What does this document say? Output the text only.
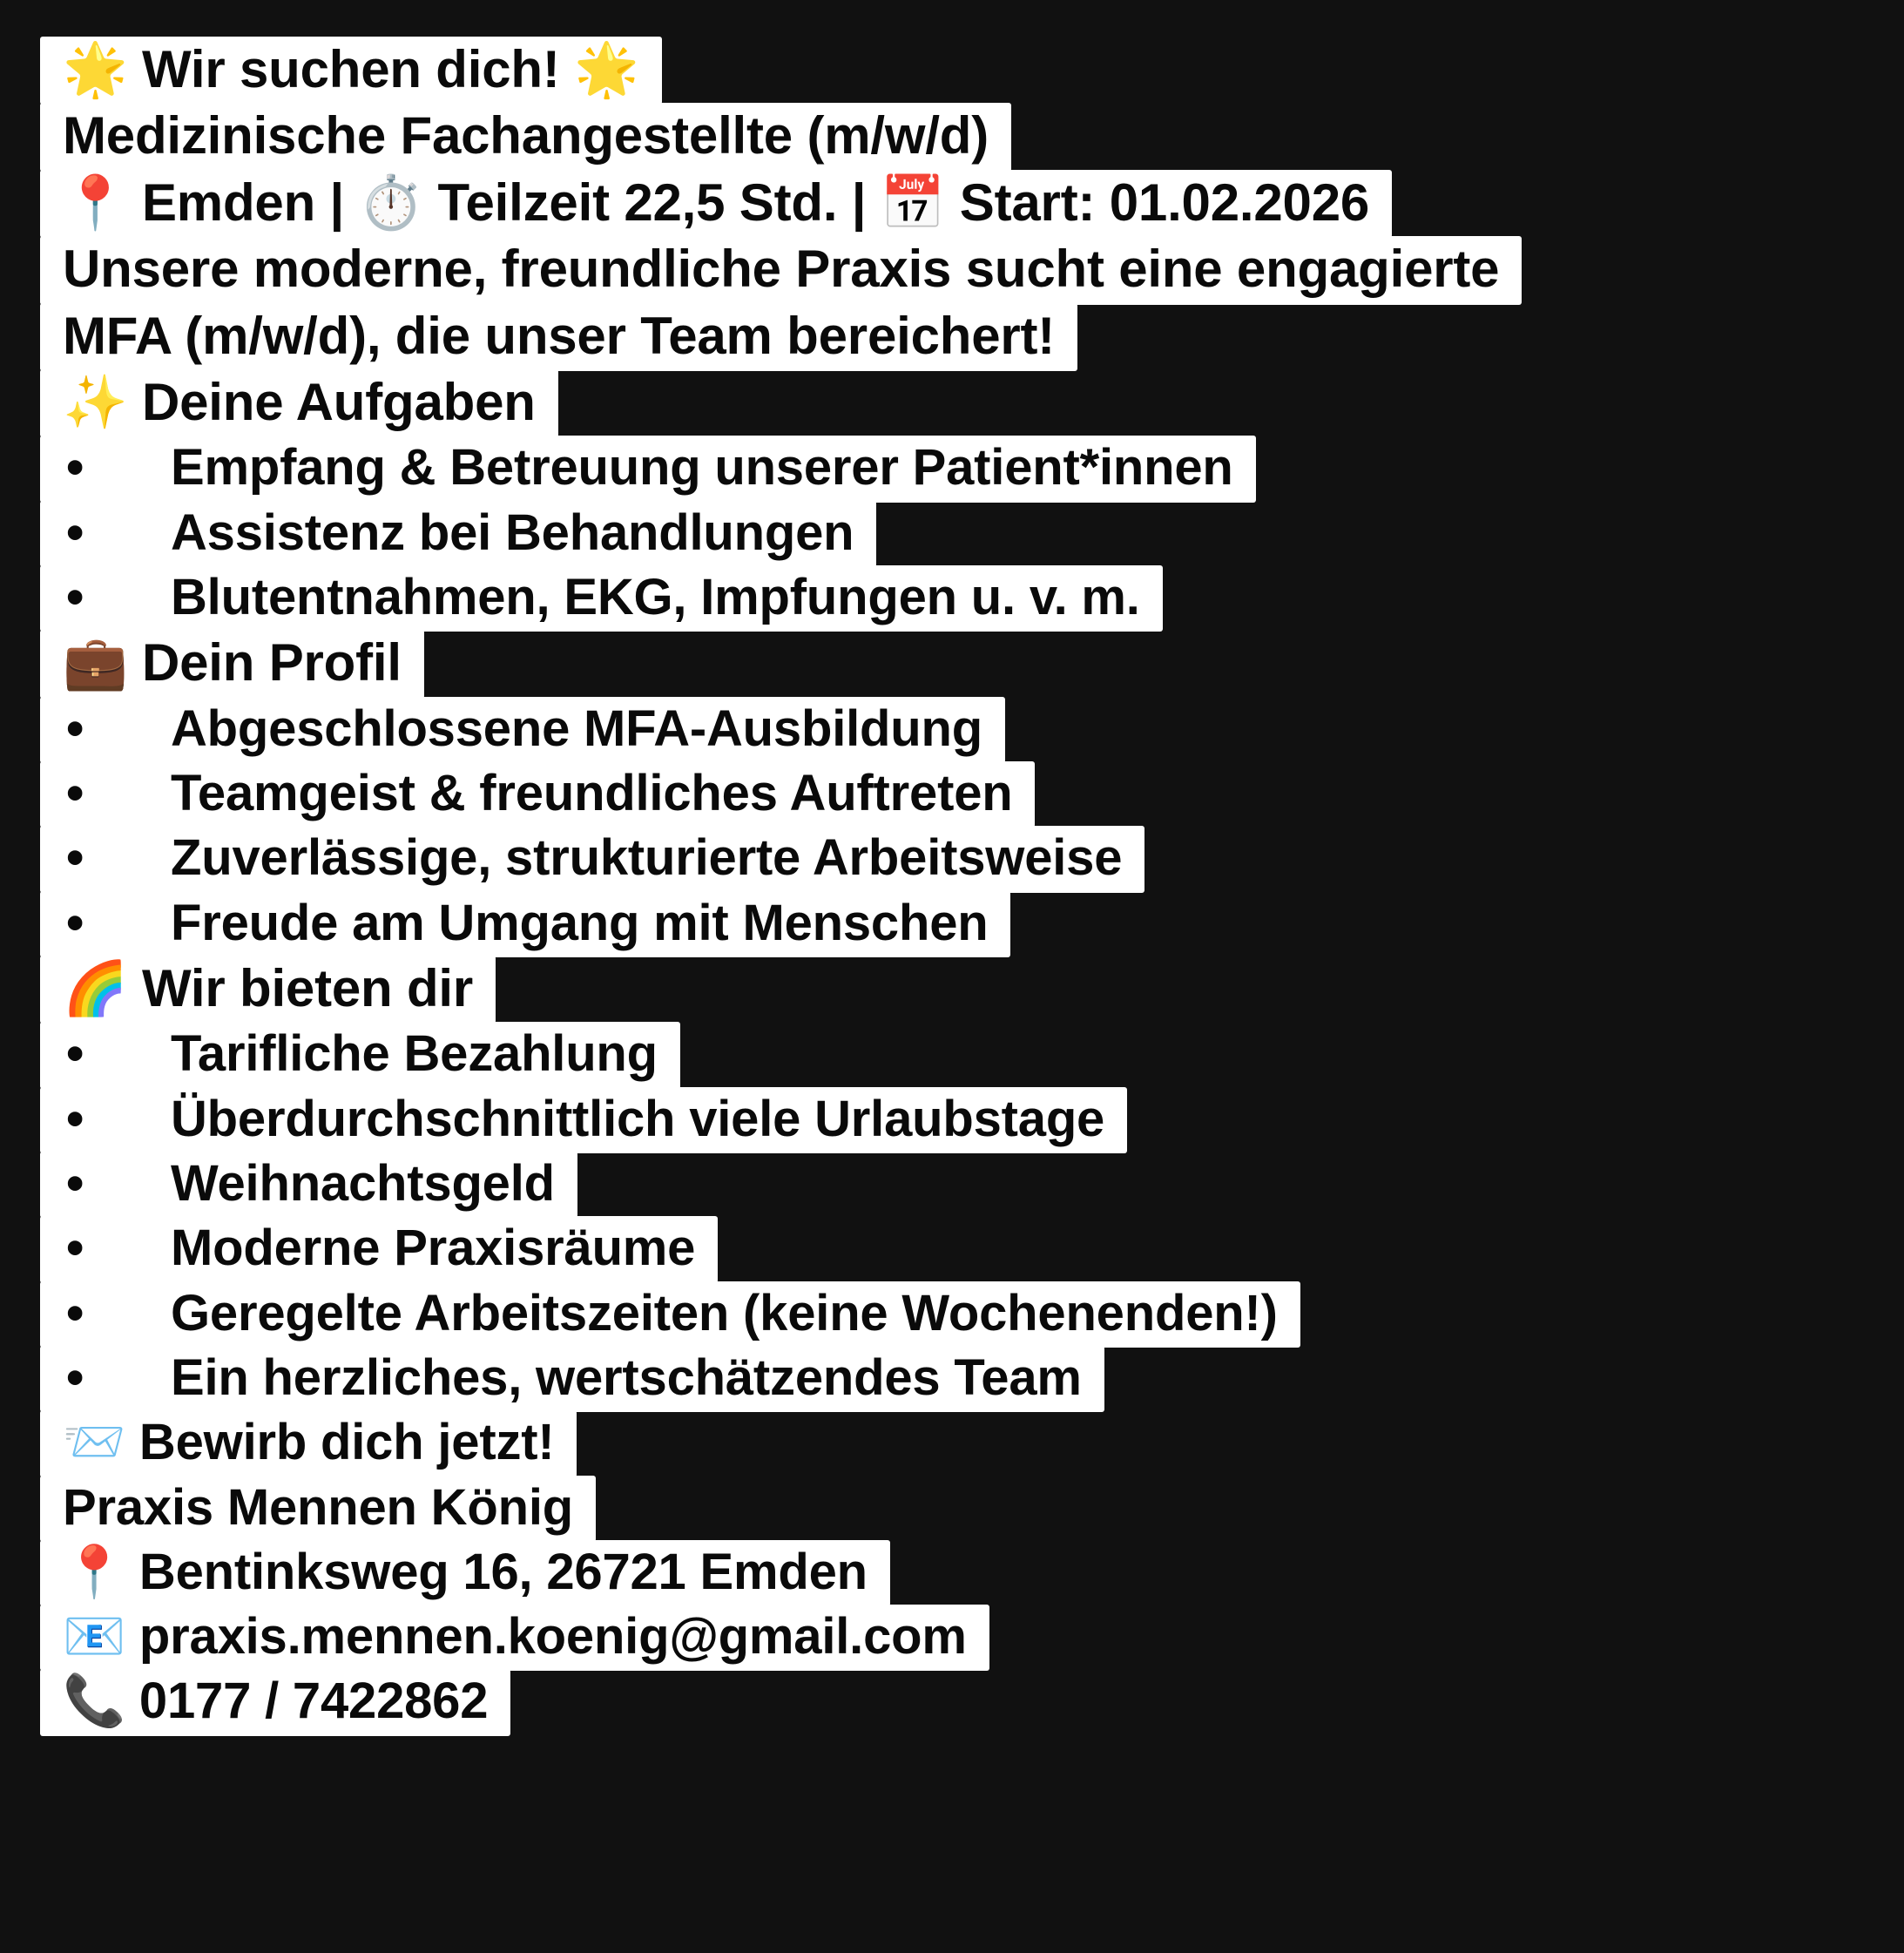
🌟 Wir suchen dich! 🌟
Medizinische Fachangestellte (m/w/d)
📍 Emden | ⏱️ Teilzeit 22,5 Std. | 📅 Start: 01.02.2026
Unsere moderne, freundliche Praxis sucht eine engagierte
MFA (m/w/d), die unser Team bereichert!
✨ Deine Aufgaben
• Empfang & Betreuung unserer Patient*innen
• Assistenz bei Behandlungen
• Blutentnahmen, EKG, Impfungen u. v. m.
💼 Dein Profil
• Abgeschlossene MFA-Ausbildung
• Teamgeist & freundliches Auftreten
• Zuverlässige, strukturierte Arbeitsweise
• Freude am Umgang mit Menschen
🌈 Wir bieten dir
• Tarifliche Bezahlung
• Überdurchschnittlich viele Urlaubstage
• Weihnachtsgeld
• Moderne Praxisräume
• Geregelte Arbeitszeiten (keine Wochenenden!)
• Ein herzliches, wertschätzendes Team
📨 Bewirb dich jetzt!
Praxis Mennen König
📍 Bentinksweg 16, 26721 Emden
📧 praxis.mennen.koenig@gmail.com
📞 0177 / 7422862
